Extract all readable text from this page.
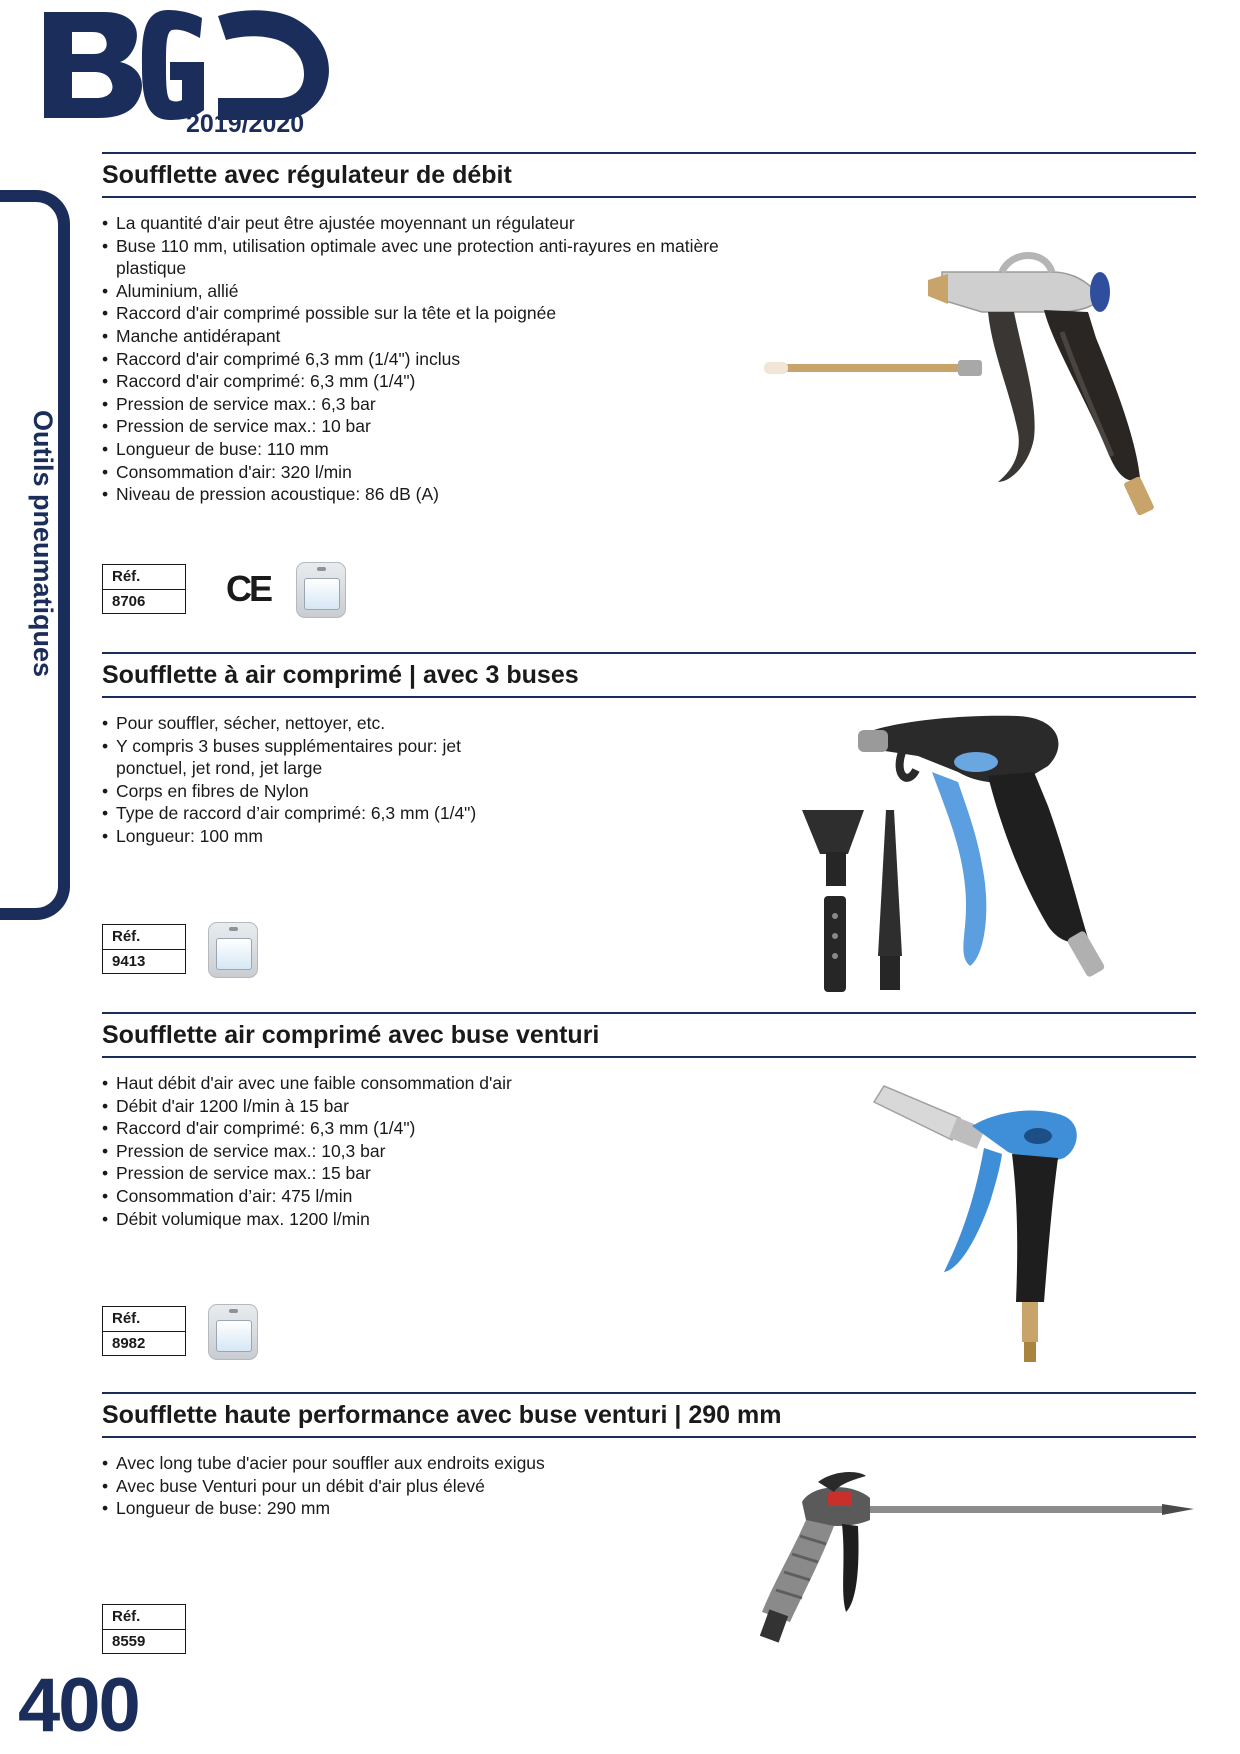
2019/2020
Outils pneumatiques
Soufflette avec régulateur de débit
• La quantité d'air peut être ajustée moyennant un régulateur
• Buse 110 mm, utilisation optimale avec une protection anti-rayures en matière plastique
• Aluminium, allié
• Raccord d'air comprimé possible sur la tête et la poignée
• Manche antidérapant
• Raccord d'air comprimé 6,3 mm (1/4") inclus
• Raccord d'air comprimé: 6,3 mm (1/4")
• Pression de service max.: 6,3 bar
• Pression de service max.: 10 bar
• Longueur de buse: 110 mm
• Consommation d'air: 320 l/min
• Niveau de pression acoustique: 86 dB (A)
Réf.
8706	CE
Soufflette à air comprimé | avec 3 buses
• Pour souffler, sécher, nettoyer, etc.
• Y compris 3 buses supplémentaires pour: jet ponctuel, jet rond, jet large
• Corps en fibres de Nylon
• Type de raccord d’air comprimé: 6,3 mm (1/4")
• Longueur: 100 mm
Réf.
9413
Soufflette air comprimé avec buse venturi
• Haut débit d'air avec une faible consommation d'air
• Débit d'air 1200 l/min à 15 bar
• Raccord d'air comprimé: 6,3 mm (1/4")
• Pression de service max.: 10,3 bar
• Pression de service max.: 15 bar
• Consommation d’air: 475 l/min
• Débit volumique max. 1200 l/min
Réf.
8982
Soufflette haute performance avec buse venturi | 290 mm
• Avec long tube d'acier pour souffler aux endroits exigus
• Avec buse Venturi pour un débit d'air plus élevé
• Longueur de buse: 290 mm
Réf.
8559
400
